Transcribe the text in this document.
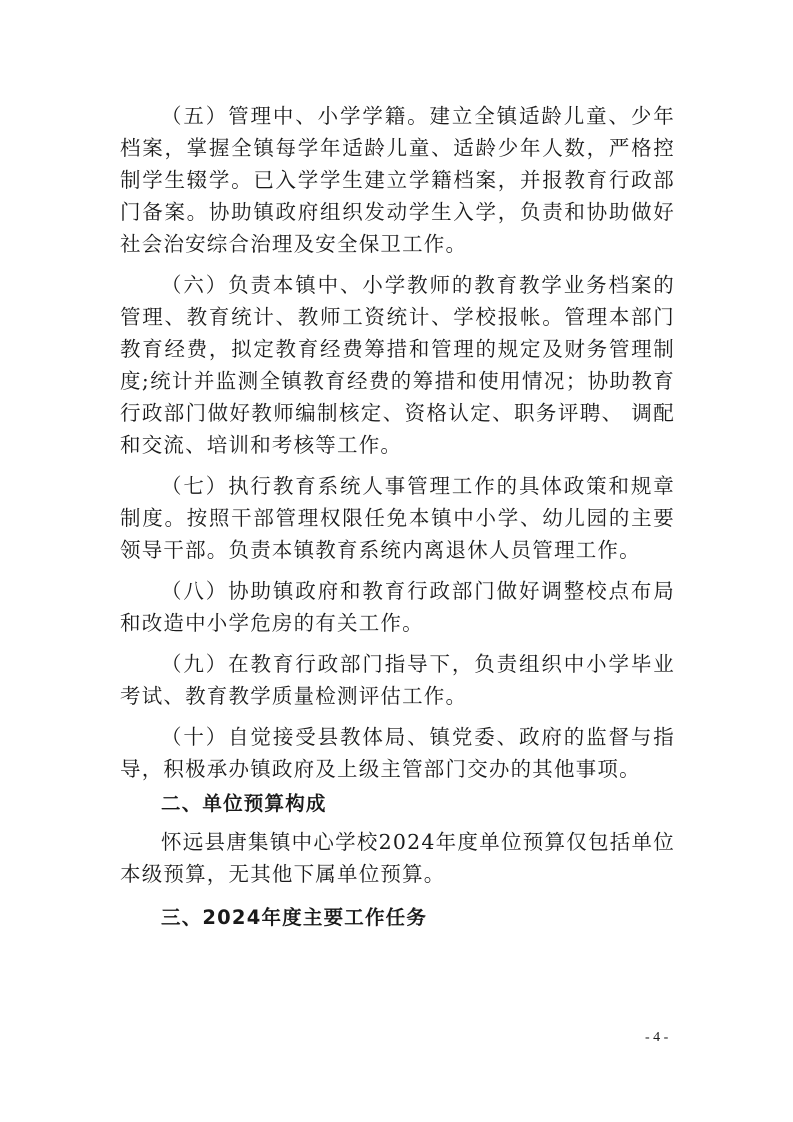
（五）管理中、小学学籍。建立全镇适龄儿童、少年档案，掌握全镇每学年适龄儿童、适龄少年人数，严格控制学生辍学。已入学学生建立学籍档案，并报教育行政部门备案。协助镇政府组织发动学生入学，负责和协助做好社会治安综合治理及安全保卫工作。

（六）负责本镇中、小学教师的教育教学业务档案的管理、教育统计、教师工资统计、学校报帐。管理本部门教育经费，拟定教育经费筹措和管理的规定及财务管理制度;统计并监测全镇教育经费的筹措和使用情况；协助教育行政部门做好教师编制核定、资格认定、职务评聘、 调配和交流、培训和考核等工作。

（七）执行教育系统人事管理工作的具体政策和规章制度。按照干部管理权限任免本镇中小学、幼儿园的主要领导干部。负责本镇教育系统内离退休人员管理工作。

（八）协助镇政府和教育行政部门做好调整校点布局和改造中小学危房的有关工作。

（九）在教育行政部门指导下，负责组织中小学毕业考试、教育教学质量检测评估工作。

（十）自觉接受县教体局、镇党委、政府的监督与指导，积极承办镇政府及上级主管部门交办的其他事项。

二、单位预算构成

怀远县唐集镇中心学校2024年度单位预算仅包括单位本级预算，无其他下属单位预算。

三、2024年度主要工作任务
- 4 -
